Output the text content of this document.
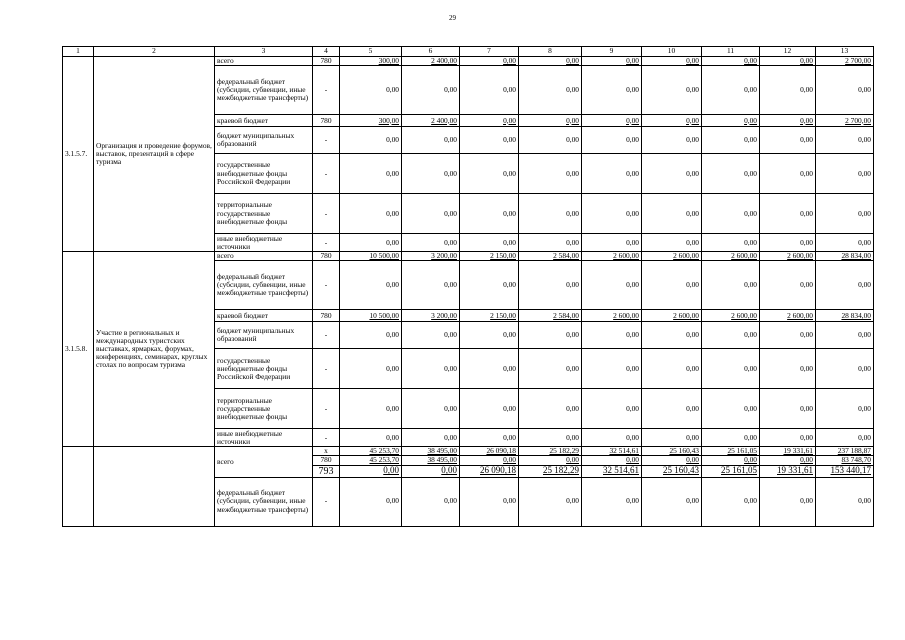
29
1	2	3	4	5	6	7	8	9	10	11	12	13
3.1.5.7.	Организация и проведение форумов, выставок, презентаций в сфере туризма	всего	780	300,00	2 400,00	0,00	0,00	0,00	0,00	0,00	0,00	2 700,00
		федеральный бюджет (субсидии, субвенции, иные межбюджетные трансферты)	-	0,00	0,00	0,00	0,00	0,00	0,00	0,00	0,00	0,00
		краевой бюджет	780	300,00	2 400,00	0,00	0,00	0,00	0,00	0,00	0,00	2 700,00
		бюджет муниципальных образований	-	0,00	0,00	0,00	0,00	0,00	0,00	0,00	0,00	0,00
		государственные внебюджетные фонды Российской Федерации	-	0,00	0,00	0,00	0,00	0,00	0,00	0,00	0,00	0,00
		территориальные государственные внебюджетные фонды	-	0,00	0,00	0,00	0,00	0,00	0,00	0,00	0,00	0,00
		иные внебюджетные источники	-	0,00	0,00	0,00	0,00	0,00	0,00	0,00	0,00	0,00
3.1.5.8.	Участие в региональных и международных туристских выставках, ярмарках, форумах, конференциях, семинарах, круглых столах по вопросам туризма	всего	780	10 500,00	3 200,00	2 150,00	2 584,00	2 600,00	2 600,00	2 600,00	2 600,00	28 834,00
		федеральный бюджет (субсидии, субвенции, иные межбюджетные трансферты)	-	0,00	0,00	0,00	0,00	0,00	0,00	0,00	0,00	0,00
		краевой бюджет	780	10 500,00	3 200,00	2 150,00	2 584,00	2 600,00	2 600,00	2 600,00	2 600,00	28 834,00
		бюджет муниципальных образований	-	0,00	0,00	0,00	0,00	0,00	0,00	0,00	0,00	0,00
		государственные внебюджетные фонды Российской Федерации	-	0,00	0,00	0,00	0,00	0,00	0,00	0,00	0,00	0,00
		территориальные государственные внебюджетные фонды	-	0,00	0,00	0,00	0,00	0,00	0,00	0,00	0,00	0,00
		иные внебюджетные источники	-	0,00	0,00	0,00	0,00	0,00	0,00	0,00	0,00	0,00
		всего	x	45 253,70	38 495,00	26 090,18	25 182,29	32 514,61	25 160,43	25 161,05	19 331,61	237 188,87
			780	45 253,70	38 495,00	0,00	0,00	0,00	0,00	0,00	0,00	83 748,70
			793	0,00	0,00	26 090,18	25 182,29	32 514,61	25 160,43	25 161,05	19 331,61	153 440,17
		федеральный бюджет (субсидии, субвенции, иные межбюджетные трансферты)	-	0,00	0,00	0,00	0,00	0,00	0,00	0,00	0,00	0,00
